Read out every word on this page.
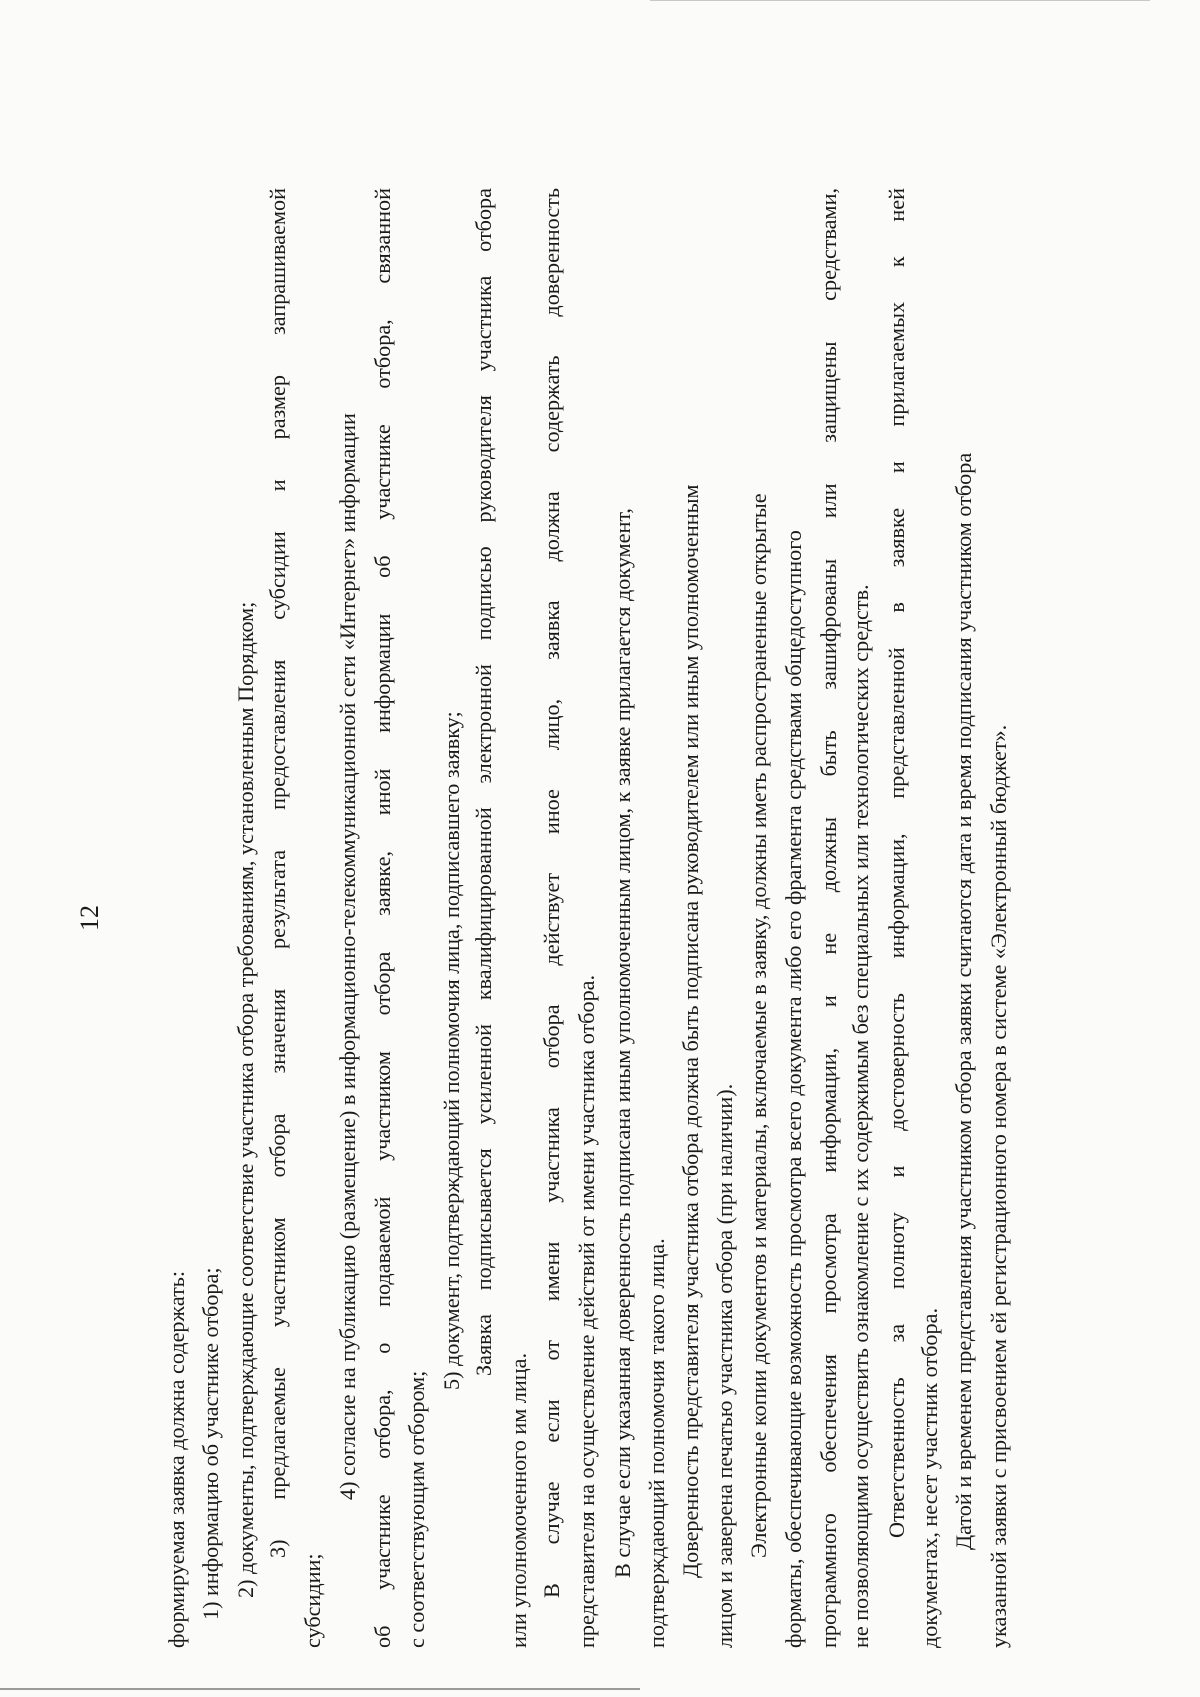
12
формируемая заявка должна содержать: 1) информацию об участнике отбора; 2) документы, подтверждающие соответствие участника отбора требованиям, установленным Порядком; 3) предлагаемые участником отбора значения результата предоставления субсидии и размер запрашиваемой
субсидии;
4) согласие на публикацию (размещение) в информационно-телекоммуникационной сети «Интернет» информации об участнике отбора, о подаваемой участником отбора заявке, иной информации об участнике отбора, связанной с соответствующим отбором;
5) документ, подтверждающий полномочия лица, подписавшего заявку; Заявка подписывается усиленной квалифицированной электронной подписью руководителя участника отбора
или уполномоченного им лица. В случае если от имени участника отбора действует иное лицо, заявка должна содержать доверенность представителя на осуществление действий от имени участника отбора. В случае если указанная доверенность подписана иным уполномоченным лицом, к заявке прилагается документ, подтверждающий полномочия такого лица. Доверенность представителя участника отбора должна быть подписана руководителем или иным уполномоченным лицом и заверена печатью участника отбора (при наличии). Электронные копии документов и материалы, включаемые в заявку, должны иметь распространенные открытые форматы, обеспечивающие возможность просмотра всего документа либо его фрагмента средствами общедоступного программного обеспечения просмотра информации, и не должны быть зашифрованы или защищены средствами, не позволяющими осуществить ознакомление с их содержимым без специальных или технологических средств. Ответственность за полноту и достоверность информации, представленной в заявке и прилагаемых к ней документах, несет участник отбора. Датой и временем представления участником отбора заявки считаются дата и время подписания участником отбора указанной заявки с присвоением ей регистрационного номера в системе «Электронный бюджет».
